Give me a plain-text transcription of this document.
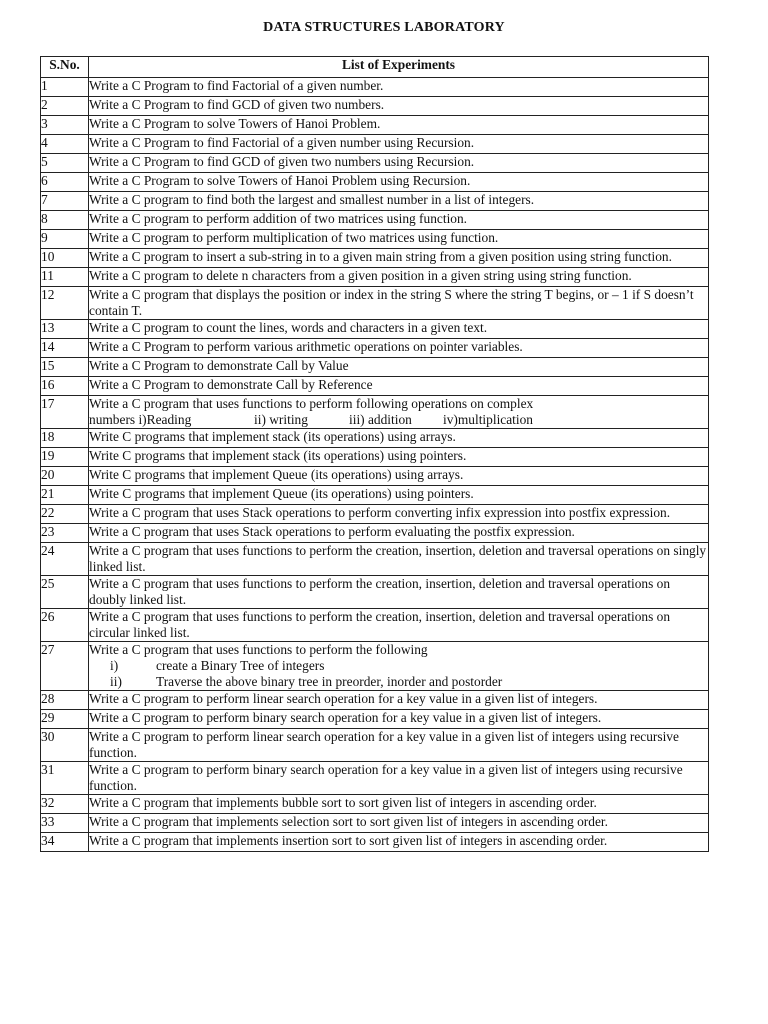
DATA STRUCTURES LABORATORY
S.No.	List of Experiments
1	Write a C Program to find Factorial of a given number.
2	Write a C Program to find GCD of given two numbers.
3	Write a C Program to solve Towers of Hanoi Problem.
4	Write a C Program to find Factorial of a given number using Recursion.
5	Write a C Program to find GCD of given two numbers using Recursion.
6	Write a C Program to solve Towers of Hanoi Problem using Recursion.
7	Write a C program to find both the largest and smallest number in a list of integers.
8	Write a C program to perform addition of two matrices using function.
9	Write a C program to perform multiplication of two matrices using function.
10	Write a C program to insert a sub-string in to a given main string from a given position using string function.
11	Write a C program to delete n characters from a given position in a given string using string function.
12	Write a C program that displays the position or index in the string S where the string T begins, or – 1 if S doesn’t contain T.
13	Write a C program to count the lines, words and characters in a given text.
14	Write a C Program to perform various arithmetic operations on pointer variables.
15	Write a C Program to demonstrate Call by Value
16	Write a C Program to demonstrate Call by Reference
17	Write a C program that uses functions to perform following operations on complex
numbers i)Reading ii) writing iii) addition iv)multiplication

18	Write C programs that implement stack (its operations) using arrays.
19	Write C programs that implement stack (its operations) using pointers.
20	Write C programs that implement Queue (its operations) using arrays.
21	Write C programs that implement Queue (its operations) using pointers.
22	Write a C program that uses Stack operations to perform converting infix expression into postfix expression.
23	Write a C program that uses Stack operations to perform evaluating the postfix expression.
24	Write a C program that uses functions to perform the creation, insertion, deletion and traversal operations on singly linked list.
25	Write a C program that uses functions to perform the creation, insertion, deletion and traversal operations on doubly linked list.
26	Write a C program that uses functions to perform the creation, insertion, deletion and traversal operations on circular linked list.
27	Write a C program that uses functions to perform the following
i) create a Binary Tree of integers
ii) Traverse the above binary tree in preorder, inorder and postorder

28	Write a C program to perform linear search operation for a key value in a given list of integers.
29	Write a C program to perform binary search operation for a key value in a given list of integers.
30	Write a C program to perform linear search operation for a key value in a given list of integers using recursive function.
31	Write a C program to perform binary search operation for a key value in a given list of integers using recursive function.
32	Write a C program that implements bubble sort to sort given list of integers in ascending order.
33	Write a C program that implements selection sort to sort given list of integers in ascending order.
34	Write a C program that implements insertion sort to sort given list of integers in ascending order.
